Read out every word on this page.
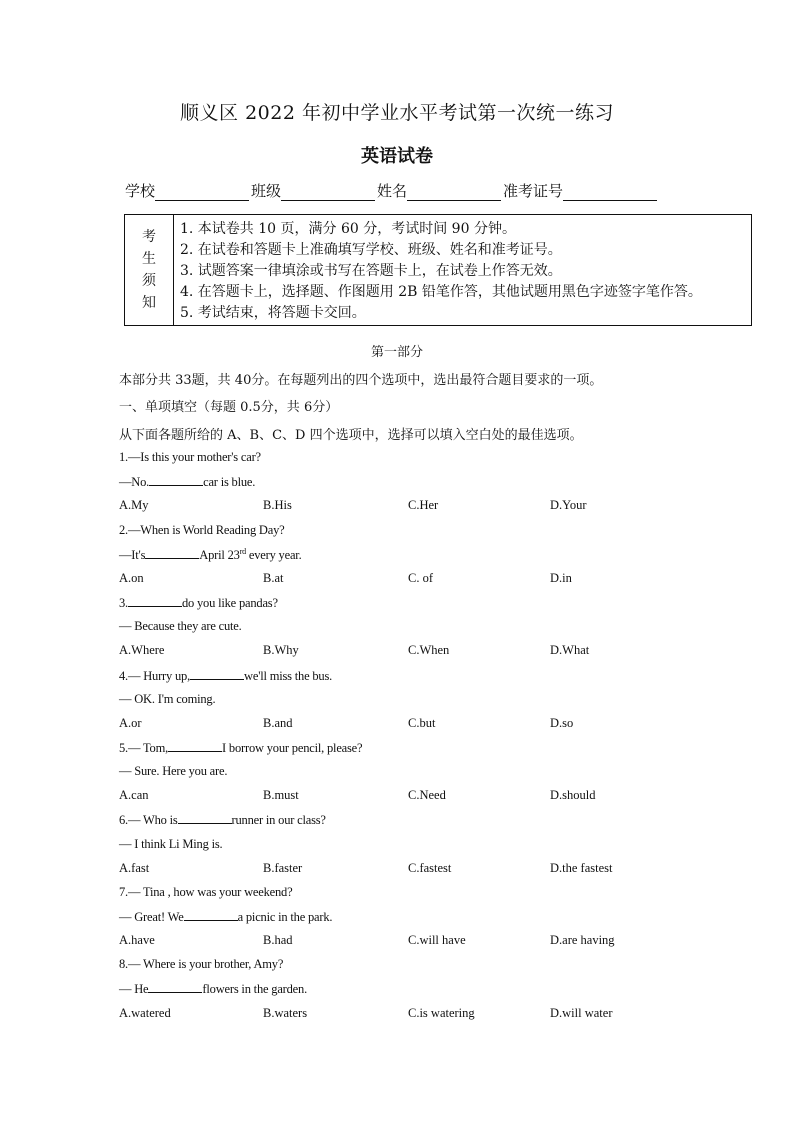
顺义区 2022 年初中学业水平考试第一次统一练习
英语试卷
学校	班级	姓名	准考证号
考
生
须
知
1. 本试卷共 10 页，满分 60 分，考试时间 90 分钟。
2. 在试卷和答题卡上准确填写学校、班级、姓名和准考证号。
3. 试题答案一律填涂或书写在答题卡上，在试卷上作答无效。
4. 在答题卡上，选择题、作图题用 2B 铅笔作答，其他试题用黑色字迹签字笔作答。
5. 考试结束，将答题卡交回。
第一部分
本部分共 33题，共 40分。在每题列出的四个选项中，选出最符合题目要求的一项。
一、单项填空（每题 0.5分，共 6分）
从下面各题所给的 A、B、C、D 四个选项中，选择可以填入空白处的最佳选项。
1.—Is this your mother's car?
—No.	car is blue.
A.My	B.His	C.Her	D.Your
2.—When is World Reading Day?
—It's	April 23rd every year.
A.on	B.at	C. of	D.in
3.	do you like pandas?
— Because they are cute.
A.Where	B.Why	C.When	D.What
4.— Hurry up,	we'll miss the bus.
— OK. I'm coming.
A.or	B.and	C.but	D.so
5.— Tom,	I borrow your pencil, please?
— Sure. Here you are.
A.can	B.must	C.Need	D.should
6.— Who is	runner in our class?
— I think Li Ming is.
A.fast	B.faster	C.fastest	D.the fastest
7.— Tina , how was your weekend?
— Great! We	a picnic in the park.
A.have	B.had	C.will have	D.are having
8.— Where is your brother, Amy?
— He	flowers in the garden.
A.watered	B.waters	C.is watering	D.will water
